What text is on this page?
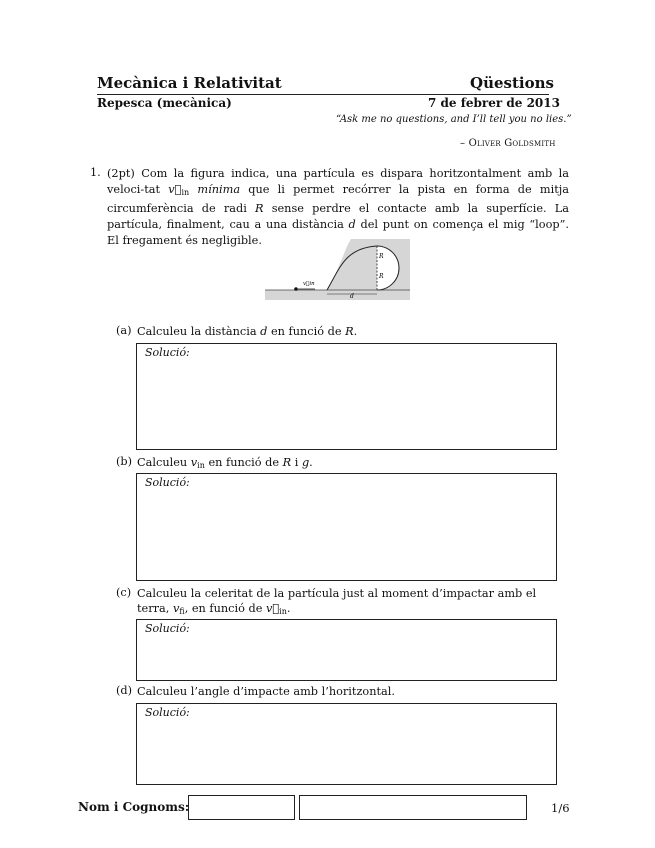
Mecànica i Relativitat	Qüestions
Repesca (mecànica)	7 de febrer de 2013
“Ask me no questions, and I’ll tell you no lies.”
– Oliver Goldsmith
1. (2pt) Com la figura indica, una partícula es dispara horitzontalment amb la veloci-tat $v⃗_{in}$ mínima que li permet recórrer la pista en forma de mitja circumferència de radi R sense perdre el contacte amb la superfície. La partícula, finalment, cau a una distància d del punt on comença el mig “loop”. El fregament és negligible.
v⃗in
R
R
d
(a) Calculeu la distància d en funció de R.
Solució:
(b) Calculeu $v_{in}$ en funció de R i g.
Solució:
(c) Calculeu la celeritat de la partícula just al moment d’impactar amb el terra, $v_{fi}$, en funció de $v⃗_{in}$.
Solució:
(d) Calculeu l’angle d’impacte amb l’horitzontal.
Solució:
Nom i Cognoms:	1/6
